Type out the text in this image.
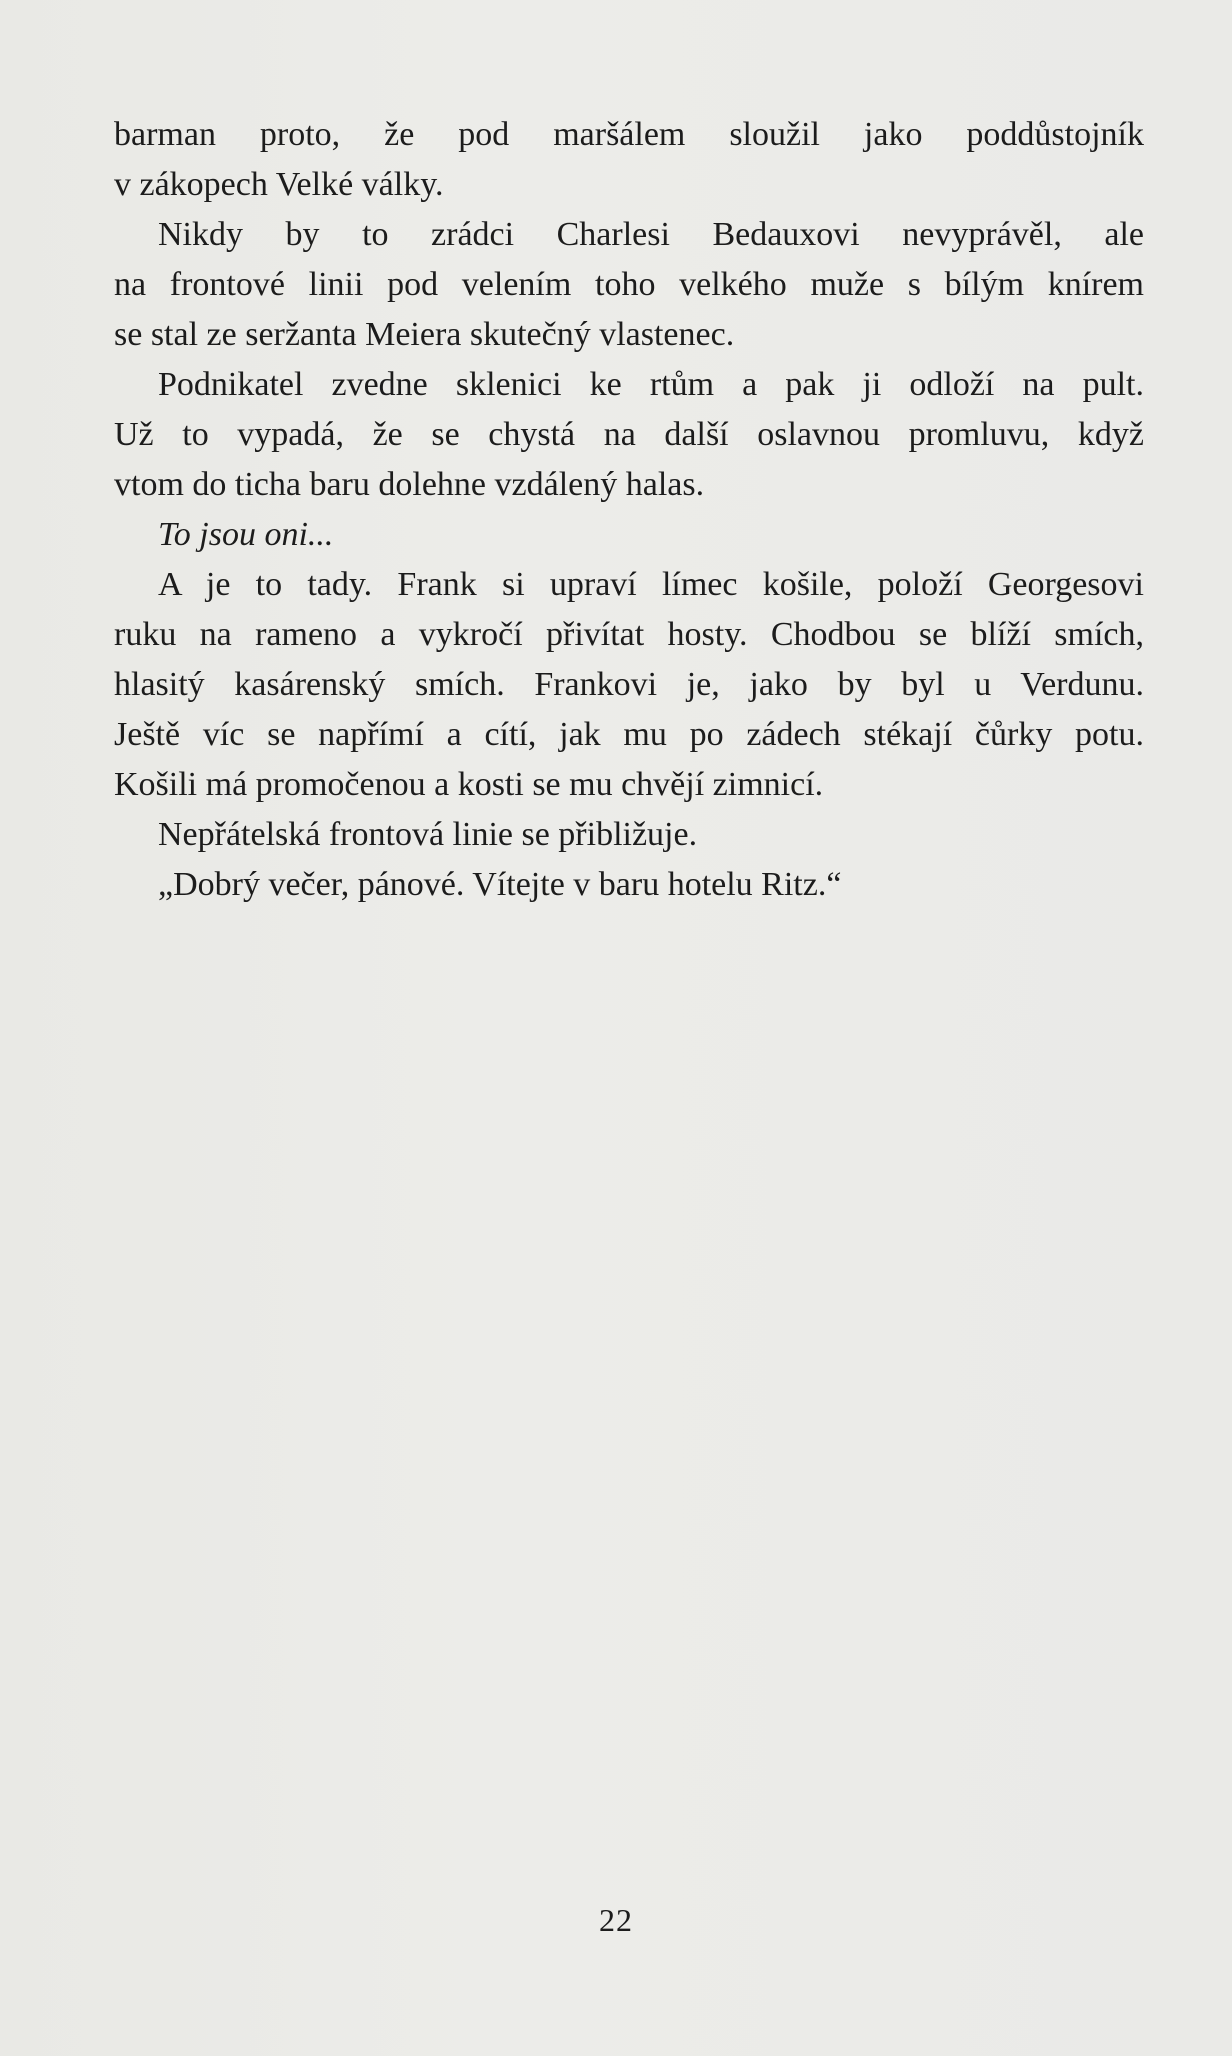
barman proto, že pod maršálem sloužil jako poddůstojník
v zákopech Velké války.
Nikdy by to zrádci Charlesi Bedauxovi nevyprávěl, ale
na frontové linii pod velením toho velkého muže s bílým knírem
se stal ze seržanta Meiera skutečný vlastenec.
Podnikatel zvedne sklenici ke rtům a pak ji odloží na pult.
Už to vypadá, že se chystá na další oslavnou promluvu, když
vtom do ticha baru dolehne vzdálený halas.
To jsou oni...
A je to tady. Frank si upraví límec košile, položí Georgesovi
ruku na rameno a vykročí přivítat hosty. Chodbou se blíží smích,
hlasitý kasárenský smích. Frankovi je, jako by byl u Verdunu.
Ještě víc se napřímí a cítí, jak mu po zádech stékají čůrky potu.
Košili má promočenou a kosti se mu chvějí zimnicí.
Nepřátelská frontová linie se přibližuje.
„Dobrý večer, pánové. Vítejte v baru hotelu Ritz.“
22
